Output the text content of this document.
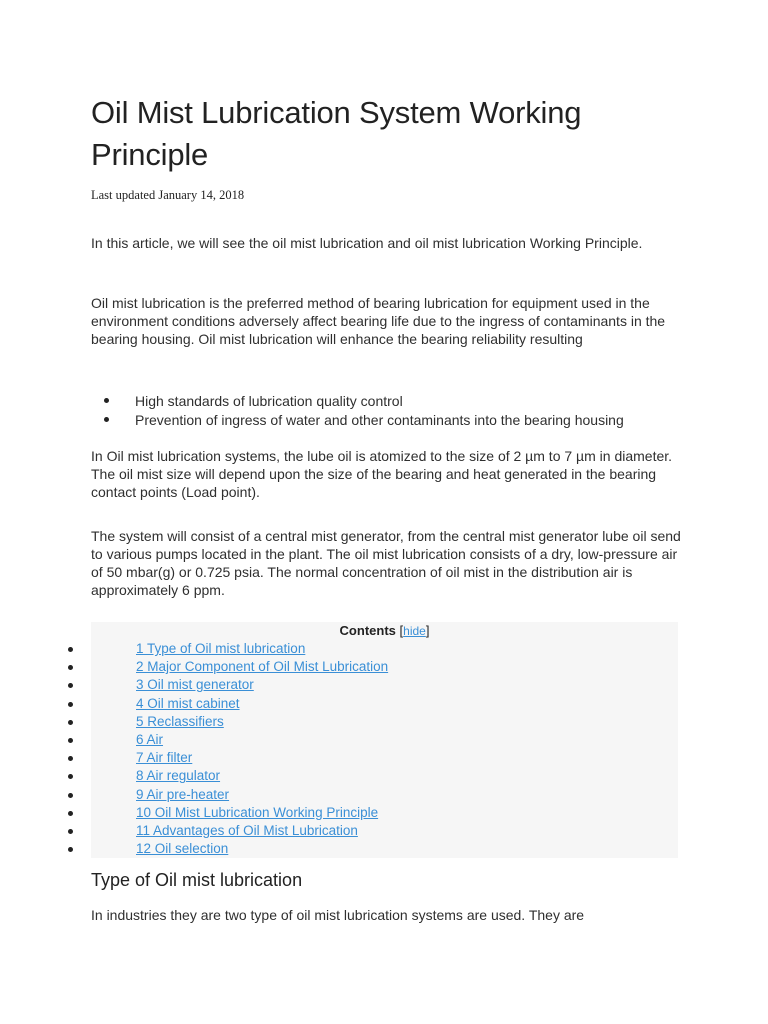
Oil Mist Lubrication System Working Principle

Last updated January 14, 2018

In this article, we will see the oil mist lubrication and oil mist lubrication Working Principle.

Oil mist lubrication is the preferred method of bearing lubrication for equipment used in the environment conditions adversely affect bearing life due to the ingress of contaminants in the bearing housing. Oil mist lubrication will enhance the bearing reliability resulting

High standards of lubrication quality control
Prevention of ingress of water and other contaminants into the bearing housing

In Oil mist lubrication systems, the lube oil is atomized to the size of 2 µm to 7 µm in diameter. The oil mist size will depend upon the size of the bearing and heat generated in the bearing contact points (Load point).

The system will consist of a central mist generator, from the central mist generator lube oil send to various pumps located in the plant. The oil mist lubrication consists of a dry, low-pressure air of 50 mbar(g) or 0.725 psia. The normal concentration of oil mist in the distribution air is approximately 6 ppm.

Contents [hide]
1 Type of Oil mist lubrication
2 Major Component of Oil Mist Lubrication
3 Oil mist generator
4 Oil mist cabinet
5 Reclassifiers
6 Air
7 Air filter
8 Air regulator
9 Air pre-heater
10 Oil Mist Lubrication Working Principle
11 Advantages of Oil Mist Lubrication
12 Oil selection
Type of Oil mist lubrication

In industries they are two type of oil mist lubrication systems are used. They are
